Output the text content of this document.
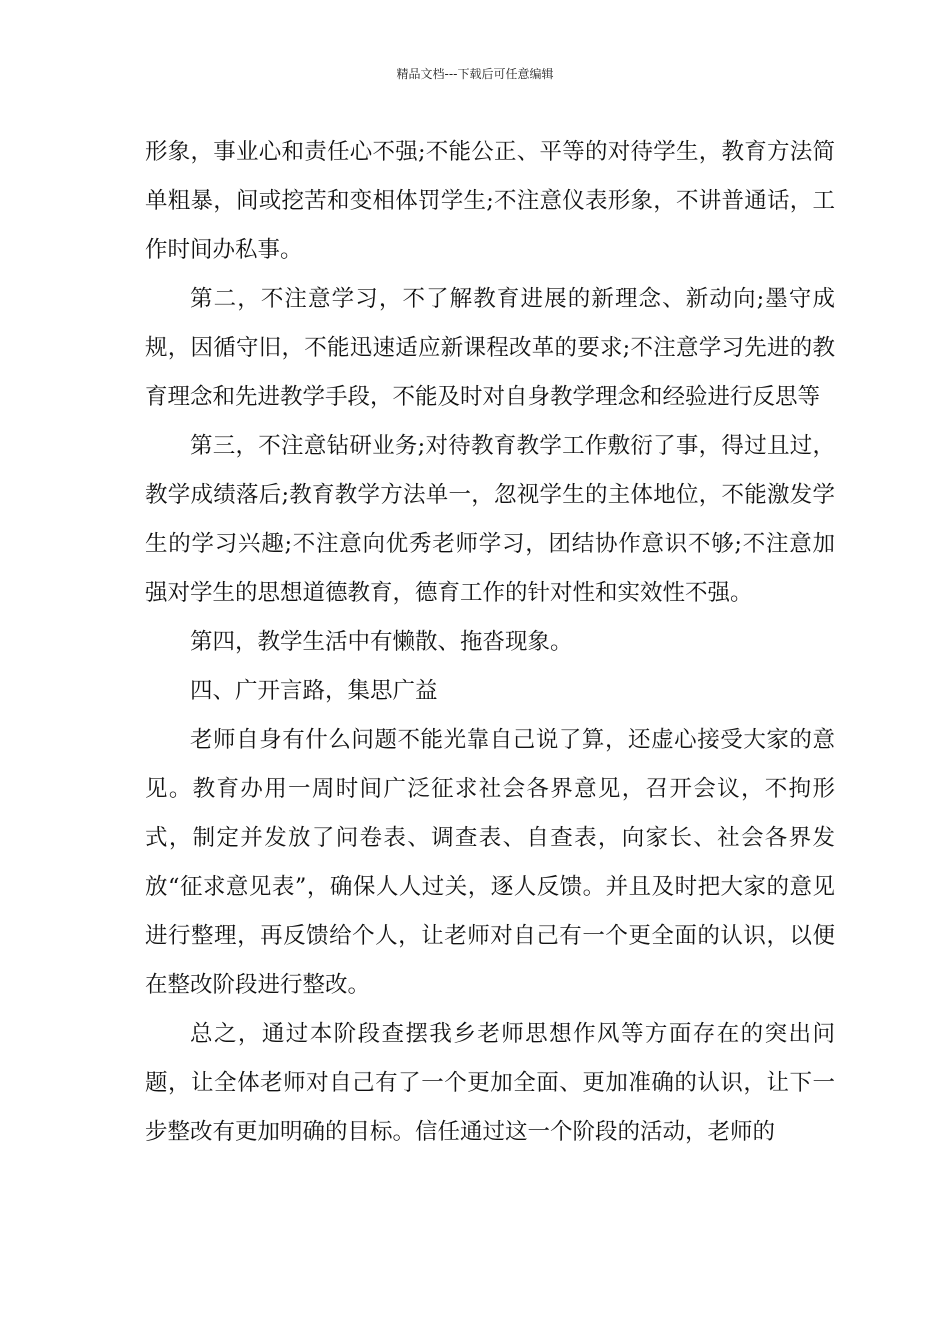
精品文档---下载后可任意编辑

形象，事业心和责任心不强;不能公正、平等的对待学生，教育方法简单粗暴，间或挖苦和变相体罚学生;不注意仪表形象，不讲普通话，工作时间办私事。

第二，不注意学习，不了解教育进展的新理念、新动向;墨守成规，因循守旧，不能迅速适应新课程改革的要求;不注意学习先进的教育理念和先进教学手段，不能及时对自身教学理念和经验进行反思等

第三，不注意钻研业务;对待教育教学工作敷衍了事，得过且过，教学成绩落后;教育教学方法单一，忽视学生的主体地位，不能激发学生的学习兴趣;不注意向优秀老师学习，团结协作意识不够;不注意加强对学生的思想道德教育，德育工作的针对性和实效性不强。

第四，教学生活中有懒散、拖沓现象。

四、广开言路，集思广益

老师自身有什么问题不能光靠自己说了算，还虚心接受大家的意见。教育办用一周时间广泛征求社会各界意见，召开会议，不拘形式，制定并发放了问卷表、调查表、自查表，向家长、社会各界发放“征求意见表”，确保人人过关，逐人反馈。并且及时把大家的意见进行整理，再反馈给个人，让老师对自己有一个更全面的认识，以便在整改阶段进行整改。

总之，通过本阶段查摆我乡老师思想作风等方面存在的突出问题，让全体老师对自己有了一个更加全面、更加准确的认识，让下一步整改有更加明确的目标。信任通过这一个阶段的活动，老师的
